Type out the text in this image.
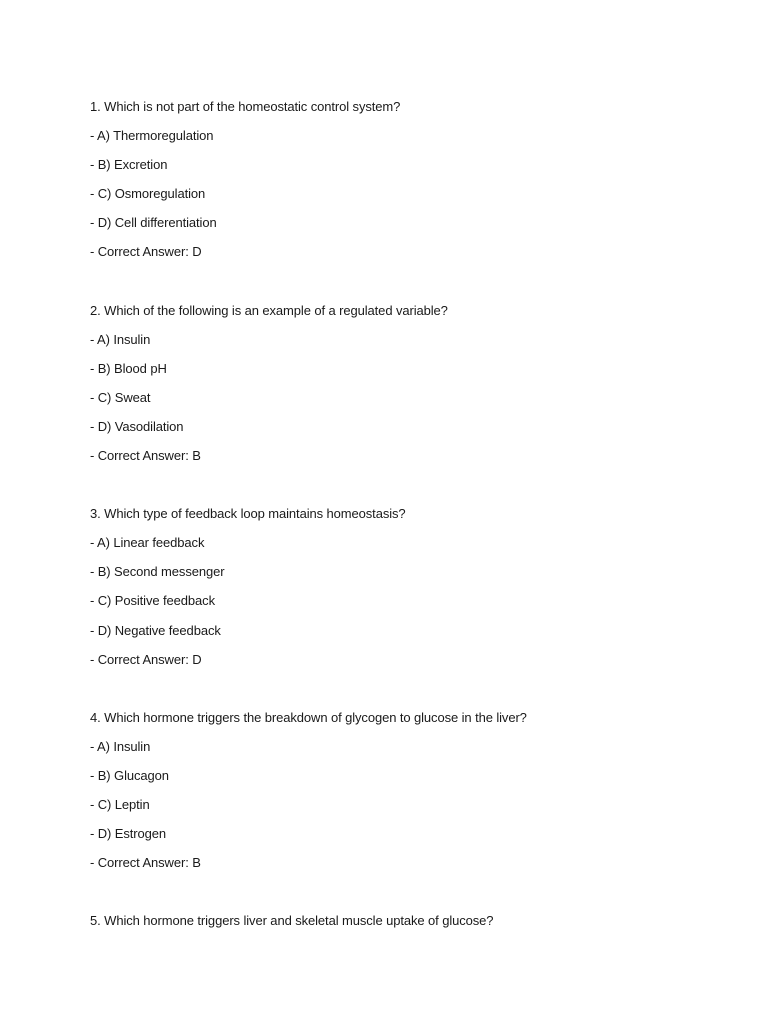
1. Which is not part of the homeostatic control system?
- A) Thermoregulation
- B) Excretion
- C) Osmoregulation
- D) Cell differentiation
- Correct Answer: D
2. Which of the following is an example of a regulated variable?
- A) Insulin
- B) Blood pH
- C) Sweat
- D) Vasodilation
- Correct Answer: B
3. Which type of feedback loop maintains homeostasis?
- A) Linear feedback
- B) Second messenger
- C) Positive feedback
- D) Negative feedback
- Correct Answer: D
4. Which hormone triggers the breakdown of glycogen to glucose in the liver?
- A) Insulin
- B) Glucagon
- C) Leptin
- D) Estrogen
- Correct Answer: B
5. Which hormone triggers liver and skeletal muscle uptake of glucose?
